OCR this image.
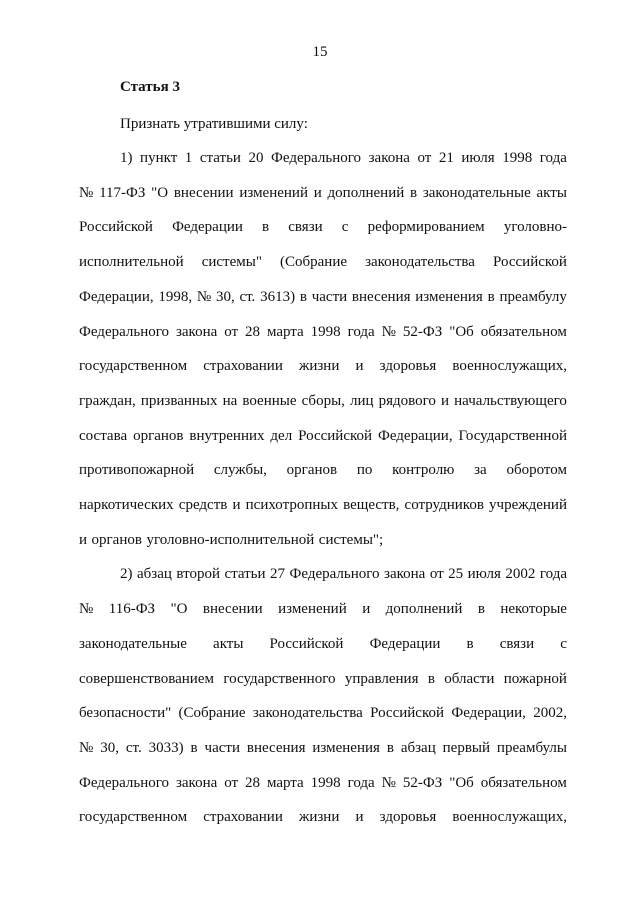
15
Статья 3
Признать утратившими силу:
1) пункт 1 статьи 20 Федерального закона от 21 июля 1998 года
№ 117-ФЗ "О внесении изменений и дополнений в законодательные акты
Российской Федерации в связи с реформированием уголовно-
исполнительной системы" (Собрание законодательства Российской
Федерации, 1998, № 30, ст. 3613) в части внесения изменения в преамбулу
Федерального закона от 28 марта 1998 года № 52-ФЗ "Об обязательном
государственном страховании жизни и здоровья военнослужащих,
граждан, призванных на военные сборы, лиц рядового и начальствующего
состава органов внутренних дел Российской Федерации, Государственной
противопожарной службы, органов по контролю за оборотом
наркотических средств и психотропных веществ, сотрудников учреждений
и органов уголовно-исполнительной системы";
2) абзац второй статьи 27 Федерального закона от 25 июля 2002 года
№ 116-ФЗ "О внесении изменений и дополнений в некоторые
законодательные акты Российской Федерации в связи с
совершенствованием государственного управления в области пожарной
безопасности" (Собрание законодательства Российской Федерации, 2002,
№ 30, ст. 3033) в части внесения изменения в абзац первый преамбулы
Федерального закона от 28 марта 1998 года № 52-ФЗ "Об обязательном
государственном страховании жизни и здоровья военнослужащих,
